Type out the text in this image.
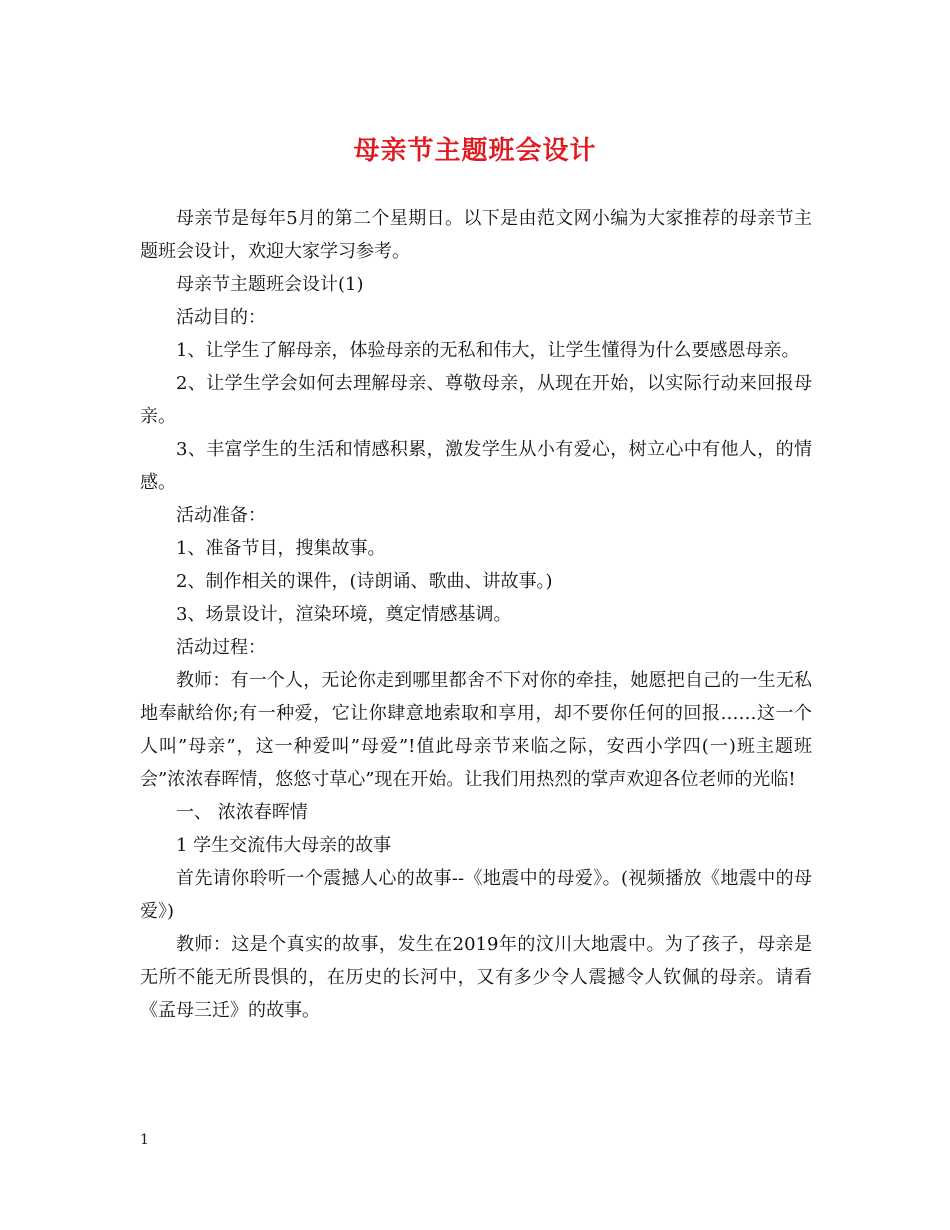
母亲节主题班会设计

母亲节是每年5月的第二个星期日。以下是由范文网小编为大家推荐的母亲节主题班会设计，欢迎大家学习参考。

母亲节主题班会设计(1)

活动目的：

1、让学生了解母亲，体验母亲的无私和伟大，让学生懂得为什么要感恩母亲。

2、让学生学会如何去理解母亲、尊敬母亲，从现在开始，以实际行动来回报母亲。

3、丰富学生的生活和情感积累，激发学生从小有爱心，树立心中有他人，的情感。

活动准备：

1、准备节目，搜集故事。

2、制作相关的课件，(诗朗诵、歌曲、讲故事。)

3、场景设计，渲染环境，奠定情感基调。

活动过程：

教师：有一个人，无论你走到哪里都舍不下对你的牵挂，她愿把自己的一生无私地奉献给你;有一种爱，它让你肆意地索取和享用，却不要你任何的回报……这一个人叫”母亲”，这一种爱叫”母爱”!值此母亲节来临之际，安西小学四(一)班主题班会”浓浓春晖情，悠悠寸草心”现在开始。让我们用热烈的掌声欢迎各位老师的光临!

一、 浓浓春晖情

1 学生交流伟大母亲的故事

首先请你聆听一个震撼人心的故事--《地震中的母爱》。(视频播放《地震中的母爱》)

教师：这是个真实的故事，发生在2019年的汶川大地震中。为了孩子，母亲是无所不能无所畏惧的，在历史的长河中，又有多少令人震撼令人钦佩的母亲。请看《孟母三迁》的故事。

1
